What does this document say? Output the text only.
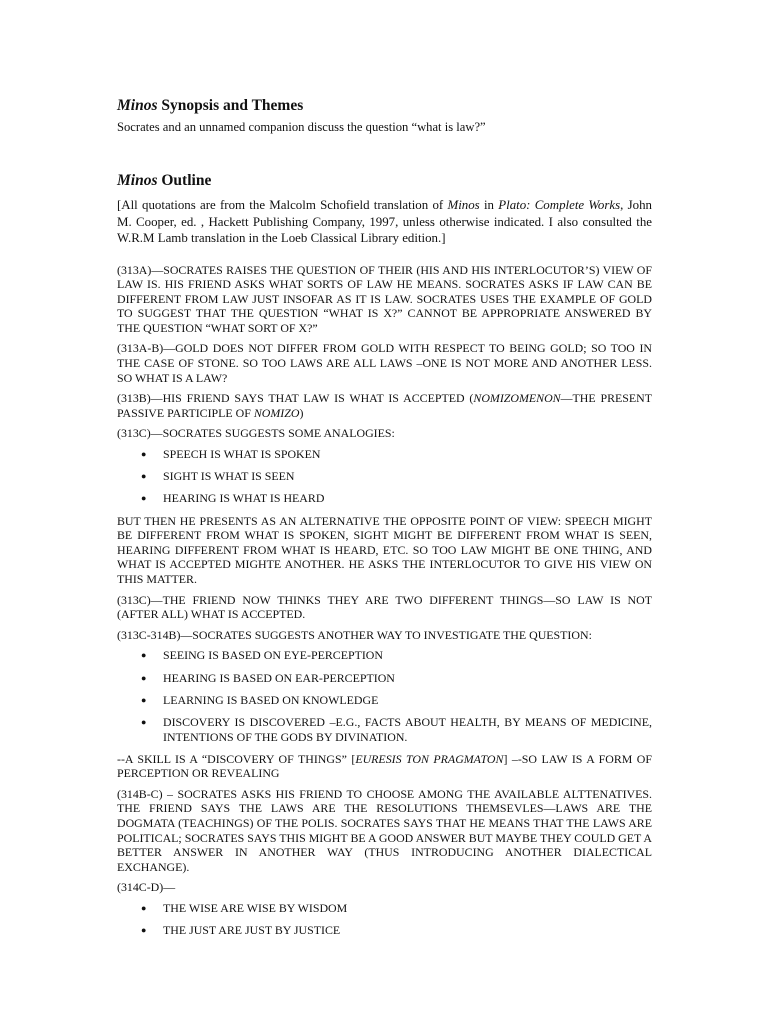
Minos Synopsis and Themes

Socrates and an unnamed companion discuss the question “what is law?”

Minos Outline

[All quotations are from the Malcolm Schofield translation of Minos in Plato: Complete Works, John M. Cooper, ed. , Hackett Publishing Company, 1997, unless otherwise indicated. I also consulted the W.R.M Lamb translation in the Loeb Classical Library edition.]

(313A)—SOCRATES RAISES THE QUESTION OF THEIR (HIS AND HIS INTERLOCUTOR’S) VIEW OF LAW IS. HIS FRIEND ASKS WHAT SORTS OF LAW HE MEANS. SOCRATES ASKS IF LAW CAN BE DIFFERENT FROM LAW JUST INSOFAR AS IT IS LAW. SOCRATES USES THE EXAMPLE OF GOLD TO SUGGEST THAT THE QUESTION “WHAT IS X?” CANNOT BE APPROPRIATE ANSWERED BY THE QUESTION “WHAT SORT OF X?”

(313A-B)—GOLD DOES NOT DIFFER FROM GOLD WITH RESPECT TO BEING GOLD; SO TOO IN THE CASE OF STONE. SO TOO LAWS ARE ALL LAWS –ONE IS NOT MORE AND ANOTHER LESS. SO WHAT IS A LAW?

(313B)—HIS FRIEND SAYS THAT LAW IS WHAT IS ACCEPTED (NOMIZOMENON—THE PRESENT PASSIVE PARTICIPLE OF NOMIZO)

(313C)—SOCRATES SUGGESTS SOME ANALOGIES:

● SPEECH IS WHAT IS SPOKEN
● SIGHT IS WHAT IS SEEN
● HEARING IS WHAT IS HEARD

BUT THEN HE PRESENTS AS AN ALTERNATIVE THE OPPOSITE POINT OF VIEW: SPEECH MIGHT BE DIFFERENT FROM WHAT IS SPOKEN, SIGHT MIGHT BE DIFFERENT FROM WHAT IS SEEN, HEARING DIFFERENT FROM WHAT IS HEARD, ETC. SO TOO LAW MIGHT BE ONE THING, AND WHAT IS ACCEPTED MIGHTE ANOTHER. HE ASKS THE INTERLOCUTOR TO GIVE HIS VIEW ON THIS MATTER.

(313C)—THE FRIEND NOW THINKS THEY ARE TWO DIFFERENT THINGS—SO LAW IS NOT (AFTER ALL) WHAT IS ACCEPTED.

(313C-314B)—SOCRATES SUGGESTS ANOTHER WAY TO INVESTIGATE THE QUESTION:

● SEEING IS BASED ON EYE-PERCEPTION
● HEARING IS BASED ON EAR-PERCEPTION
● LEARNING IS BASED ON KNOWLEDGE
● DISCOVERY IS DISCOVERED –E.G., FACTS ABOUT HEALTH, BY MEANS OF MEDICINE, INTENTIONS OF THE GODS BY DIVINATION.

--A SKILL IS A “DISCOVERY OF THINGS” [EURESIS TON PRAGMATON] –-SO LAW IS A FORM OF PERCEPTION OR REVEALING

(314B-C) – SOCRATES ASKS HIS FRIEND TO CHOOSE AMONG THE AVAILABLE ALTTENATIVES. THE FRIEND SAYS THE LAWS ARE THE RESOLUTIONS THEMSEVLES—LAWS ARE THE DOGMATA (TEACHINGS) OF THE POLIS. SOCRATES SAYS THAT HE MEANS THAT THE LAWS ARE POLITICAL; SOCRATES SAYS THIS MIGHT BE A GOOD ANSWER BUT MAYBE THEY COULD GET A BETTER ANSWER IN ANOTHER WAY (THUS INTRODUCING ANOTHER DIALECTICAL EXCHANGE).

(314C-D)—

● THE WISE ARE WISE BY WISDOM
● THE JUST ARE JUST BY JUSTICE
